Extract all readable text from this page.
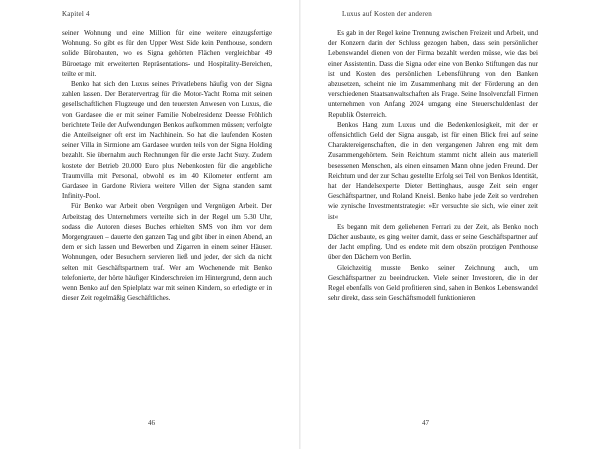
Kapitel 4

seiner Wohnung und eine Million für eine weitere einzugsfertige Wohnung. So gibt es für den Upper West Side kein Penthouse, sondern solide Bürobauten, wo es Signa gehörten Flächen vergleichbar 49 Büroetage mit erweiterten Repräsentations- und Hospitality-Bereichen, teilte er mit.

Benko hat sich den Luxus seines Privatlebens häufig von der Signa zahlen lassen. Der Beratervertrag für die Motor-Yacht Roma mit seinen gesellschaftlichen Flugzeuge und den teuersten Anwesen von Luxus, die von Gardasee die er mit seiner Familie Nobelresidenz Deesse Fröhlich berichtete Teile der Aufwendungen Benkos aufkommen müssen; verfolgte die Anteilseigner oft erst im Nachhinein. So hat die laufenden Kosten seiner Villa in Sirmione am Gardasee wurden teils von der Signa Holding bezahlt. Sie übernahm auch Rechnungen für die erste Jacht Suzy. Zudem kostete der Betrieb 20.000 Euro plus Nebenkosten für die angebliche Traumvilla mit Personal, obwohl es im 40 Kilometer entfernt am Gardasee in Gardone Riviera weitere Villen der Signa standen samt Infinity-Pool.

Für Benko war Arbeit oben Vergnügen und Vergnügen Arbeit. Der Arbeitstag des Unternehmers verteilte sich in der Regel um 5.30 Uhr, sodass die Autoren dieses Buches erhielten SMS von ihm vor dem Morgengrauen – dauerte den ganzen Tag und gibt über in einen Abend, an dem er sich lassen und Bewerben und Zigarren in einem seiner Häuser. Wohnungen, oder Besuchern servieren ließ und jeder, der sich da nicht selten mit Geschäftspartnern traf. Wer am Wochenende mit Benko telefonierte, der hörte häufiger Kinderschreien im Hintergrund, denn auch wenn Benko auf den Spielplatz war mit seinen Kindern, so erledigte er in dieser Zeit regelmäßig Geschäftliches.

46
Luxus auf Kosten der anderen

Es gab in der Regel keine Trennung zwischen Freizeit und Arbeit, und der Konzern darin der Schluss gezogen haben, dass sein persönlicher Lebenswandel dienen von der Firma bezahlt werden müsse, wie das bei einer Assistentin. Dass die Signa oder eine von Benko Stiftungen das nur ist und Kosten des persönlichen Lebensführung von den Banken abzusetzen, scheint nie im Zusammenhang mit der Förderung an den verschiedenen Staatsanwaltschaften als Frage. Seine Insolvenzfall Firmen unternehmen von Anfang 2024 umgang eine Steuerschuldenlast der Republik Österreich.

Benkos Hang zum Luxus und die Bedenkenlosigkeit, mit der er offensichtlich Geld der Signa ausgab, ist für einen Blick frei auf seine Charaktereigenschaften, die in den vergangenen Jahren eng mit dem Zusammengehörtem. Sein Reichtum stammt nicht allein aus materiell besessenen Menschen, als einen einsamen Mann ohne jeden Freund. Der Reichtum und der zur Schau gestellte Erfolg sei Teil von Benkos Identität, hat der Handelsexperte Dieter Bettinghaus, ausge Zeit sein enger Geschäftspartner, und Roland Kneisl. Benko habe jede Zeit so verdrehen wie zynische Investmentstrategie: »Er versuchte sie sich, wie einer zeit ist«

Es begann mit dem geliehenen Ferrari zu der Zeit, als Benko noch Dächer ausbaute, es ging weiter damit, dass er seine Geschäftspartner auf der Jacht empfing. Und es endete mit dem obszön protzigen Penthouse über den Dächern von Berlin.

Gleichzeitig musste Benko seiner Zeichnung auch, um Geschäftspartner zu beeindrucken. Viele seiner Investoren, die in der Regel ebenfalls von Geld profitieren sind, sahen in Benkos Lebenswandel sehr direkt, dass sein Geschäftsmodell funktionieren

47
